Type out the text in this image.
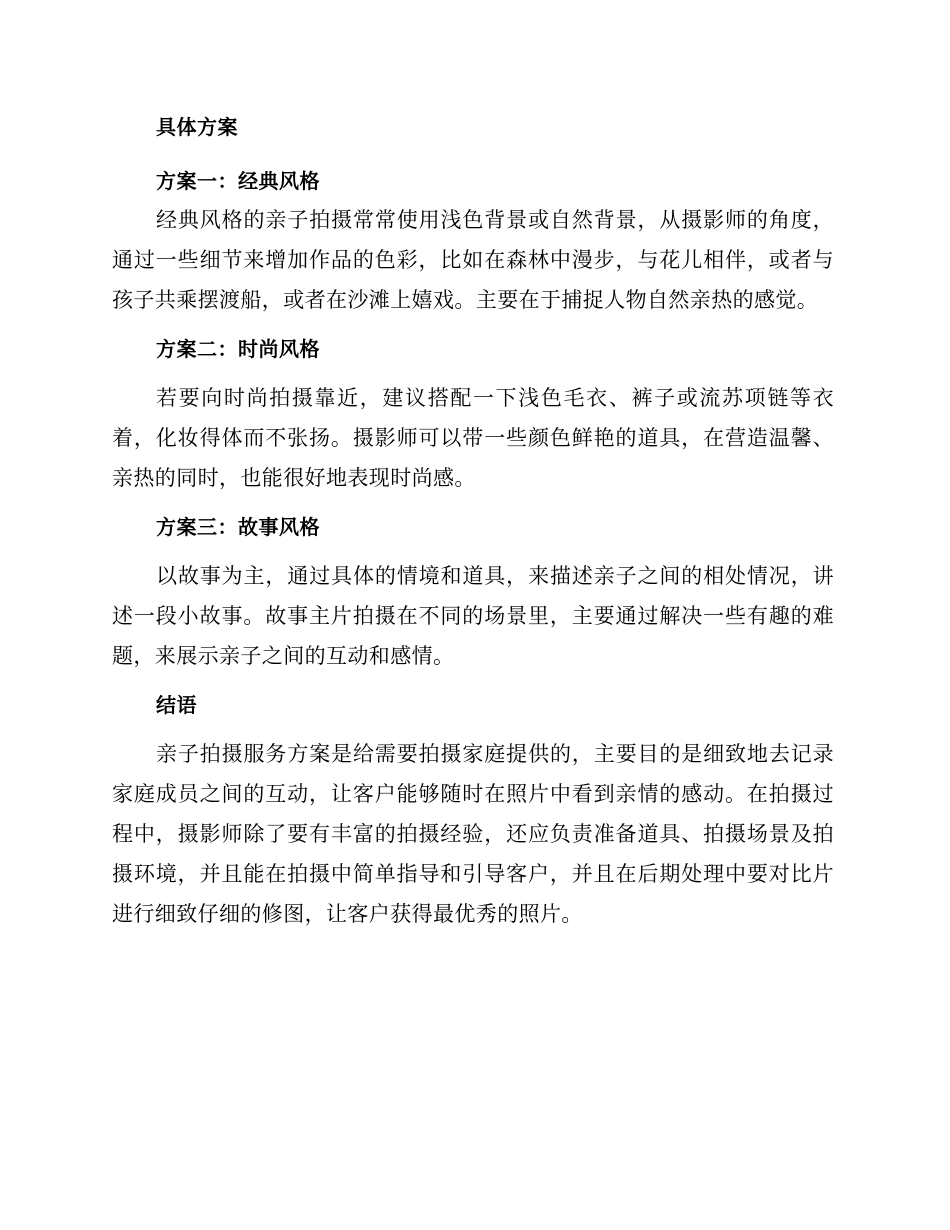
具体方案
方案一：经典风格

经典风格的亲子拍摄常常使用浅色背景或自然背景，从摄影师的角度，通过一些细节来增加作品的色彩，比如在森林中漫步，与花儿相伴，或者与孩子共乘摆渡船，或者在沙滩上嬉戏。主要在于捕捉人物自然亲热的感觉。

方案二：时尚风格

若要向时尚拍摄靠近，建议搭配一下浅色毛衣、裤子或流苏项链等衣着，化妆得体而不张扬。摄影师可以带一些颜色鲜艳的道具，在营造温馨、亲热的同时，也能很好地表现时尚感。

方案三：故事风格

以故事为主，通过具体的情境和道具，来描述亲子之间的相处情况，讲述一段小故事。故事主片拍摄在不同的场景里，主要通过解决一些有趣的难题，来展示亲子之间的互动和感情。

结语

亲子拍摄服务方案是给需要拍摄家庭提供的，主要目的是细致地去记录家庭成员之间的互动，让客户能够随时在照片中看到亲情的感动。在拍摄过程中，摄影师除了要有丰富的拍摄经验，还应负责准备道具、拍摄场景及拍摄环境，并且能在拍摄中简单指导和引导客户，并且在后期处理中要对比片进行细致仔细的修图，让客户获得最优秀的照片。
